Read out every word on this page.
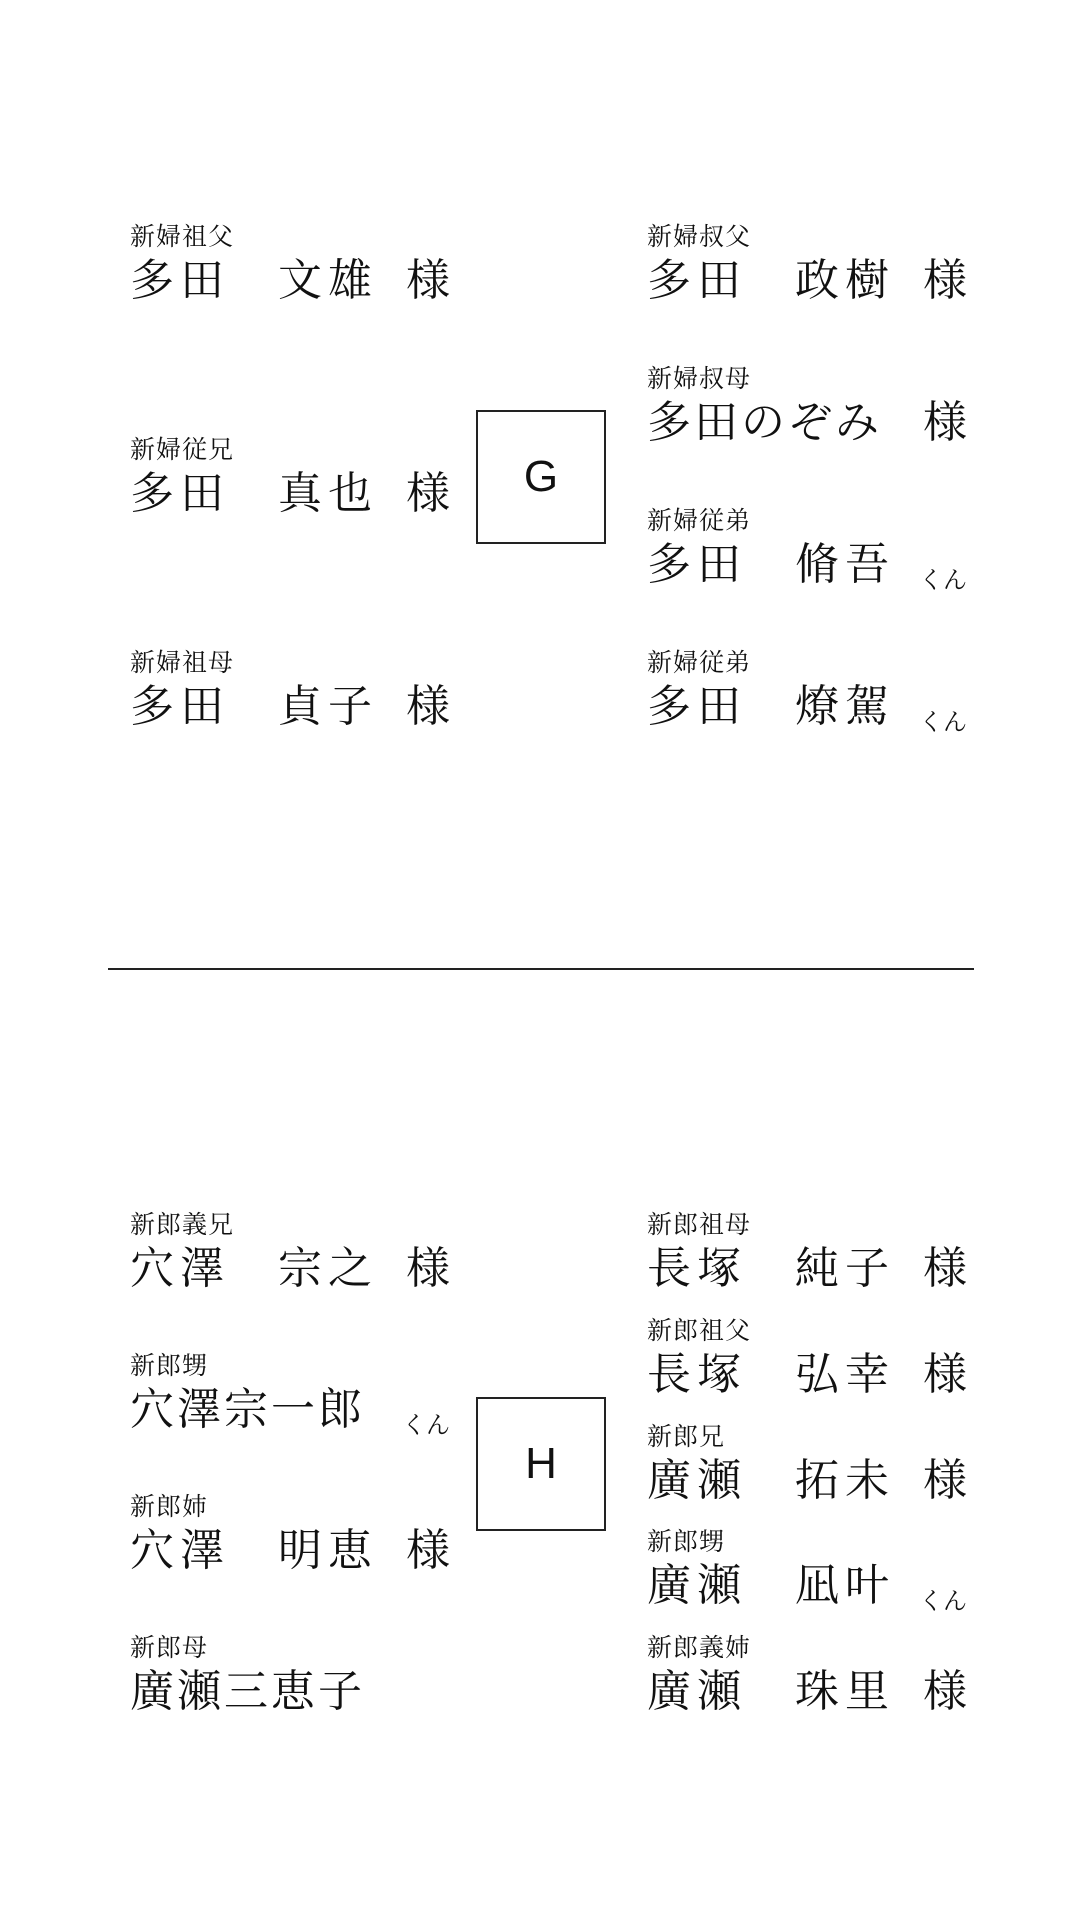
新婦祖父
多田 文雄 様
新婦従兄
多田 真也 様
新婦祖母
多田 貞子 様
G
新婦叔父
多田 政樹 様
新婦叔母
多田のぞみ 様
新婦従弟
多田 脩吾 くん
新婦従弟
多田 燎駕 くん
新郎義兄
穴澤 宗之 様
新郎甥
穴澤宗一郎 くん
新郎姉
穴澤 明恵 様
新郎母
廣瀬三恵子
H
新郎祖母
長塚 純子 様
新郎祖父
長塚 弘幸 様
新郎兄
廣瀬 拓未 様
新郎甥
廣瀬 凪叶 くん
新郎義姉
廣瀬 珠里 様
